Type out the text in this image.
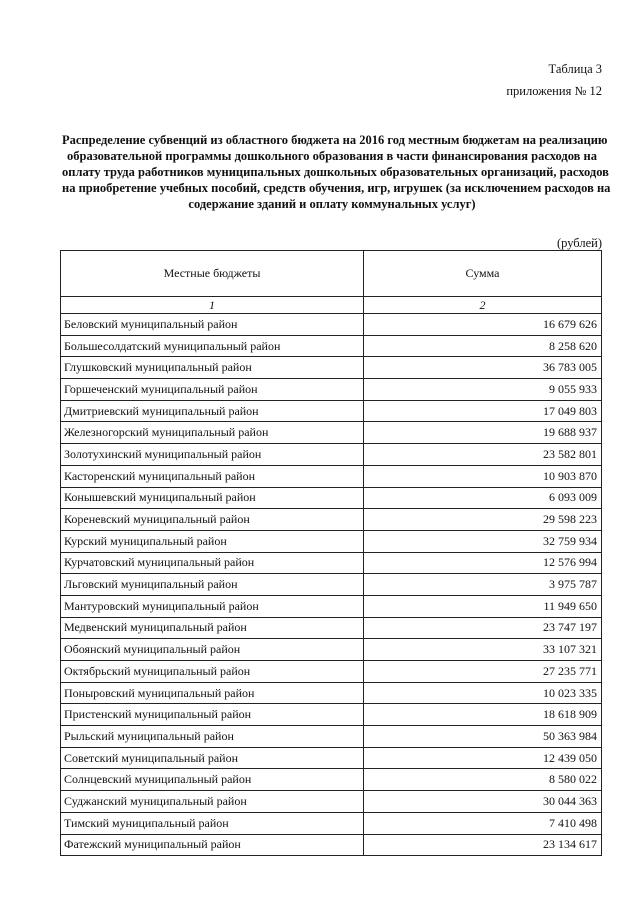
Таблица 3
приложения № 12
Распределение субвенций из областного бюджета на 2016 год местным бюджетам на реализацию
образовательной программы дошкольного образования в части финансирования расходов на
оплату труда работников муниципальных дошкольных образовательных организаций, расходов
на приобретение учебных пособий, средств обучения, игр, игрушек (за исключением расходов на
содержание зданий и оплату коммунальных услуг)
(рублей)
Местные бюджеты	Сумма
1	2
Беловский муниципальный район	16 679 626
Большесолдатский муниципальный район	8 258 620
Глушковский муниципальный район	36 783 005
Горшеченский муниципальный район	9 055 933
Дмитриевский муниципальный район	17 049 803
Железногорский муниципальный район	19 688 937
Золотухинский муниципальный район	23 582 801
Касторенский муниципальный район	10 903 870
Конышевский муниципальный район	6 093 009
Кореневский муниципальный район	29 598 223
Курский муниципальный район	32 759 934
Курчатовский муниципальный район	12 576 994
Льговский муниципальный район	3 975 787
Мантуровский муниципальный район	11 949 650
Медвенский муниципальный район	23 747 197
Обоянский муниципальный район	33 107 321
Октябрьский муниципальный район	27 235 771
Поныровский муниципальный район	10 023 335
Пристенский муниципальный район	18 618 909
Рыльский муниципальный район	50 363 984
Советский муниципальный район	12 439 050
Солнцевский муниципальный район	8 580 022
Суджанский муниципальный район	30 044 363
Тимский муниципальный район	7 410 498
Фатежский муниципальный район	23 134 617
